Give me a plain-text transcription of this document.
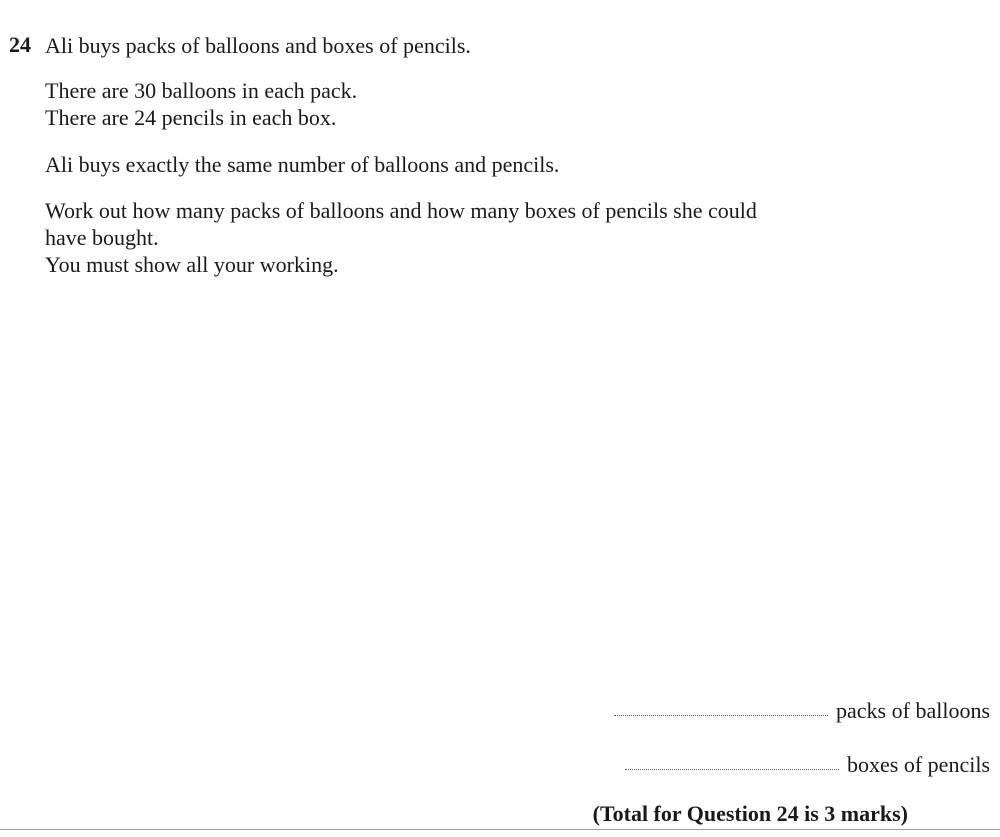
24 Ali buys packs of balloons and boxes of pencils.
There are 30 balloons in each pack.
There are 24 pencils in each box.
Ali buys exactly the same number of balloons and pencils.
Work out how many packs of balloons and how many boxes of pencils she could
have bought.
You must show all your working.
packs of balloons
boxes of pencils
(Total for Question 24 is 3 marks)
